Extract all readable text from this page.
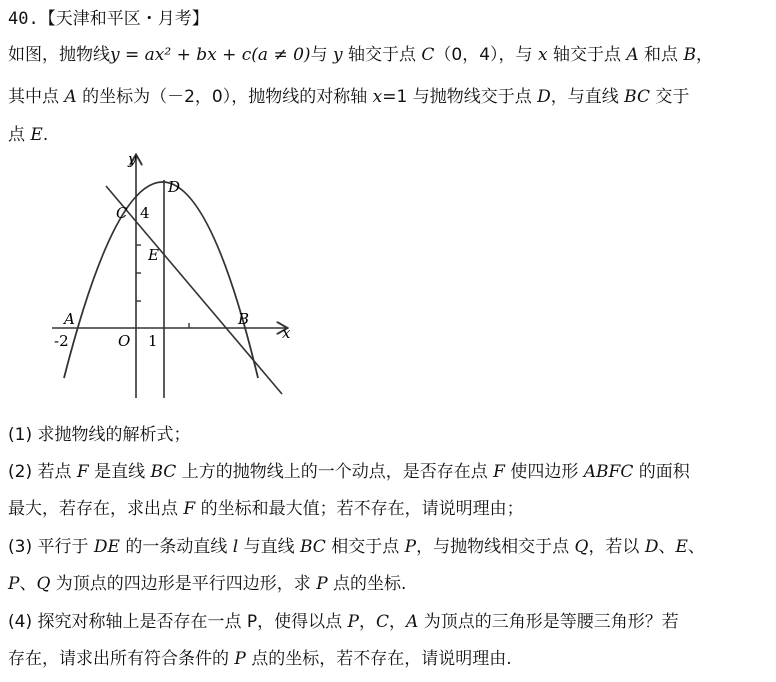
40.【天津和平区・月考】
如图，抛物线y = ax² + bx + c(a ≠ 0)与 y 轴交于点 C（0，4），与 x 轴交于点 A 和点 B，
其中点 A 的坐标为（－2，0），抛物线的对称轴 x=1 与抛物线交于点 D，与直线 BC 交于
点 E.
y
x
A	B
C 4
D
E
O 1
-2
(1) 求抛物线的解析式；
(2) 若点 F 是直线 BC 上方的抛物线上的一个动点，是否存在点 F 使四边形 ABFC 的面积
最大，若存在，求出点 F 的坐标和最大值；若不存在，请说明理由；
(3) 平行于 DE 的一条动直线 l 与直线 BC 相交于点 P，与抛物线相交于点 Q，若以 D、E、
P、Q 为顶点的四边形是平行四边形，求 P 点的坐标.
(4) 探究对称轴上是否存在一点 P，使得以点 P，C，A 为顶点的三角形是等腰三角形？若
存在，请求出所有符合条件的 P 点的坐标，若不存在，请说明理由.
